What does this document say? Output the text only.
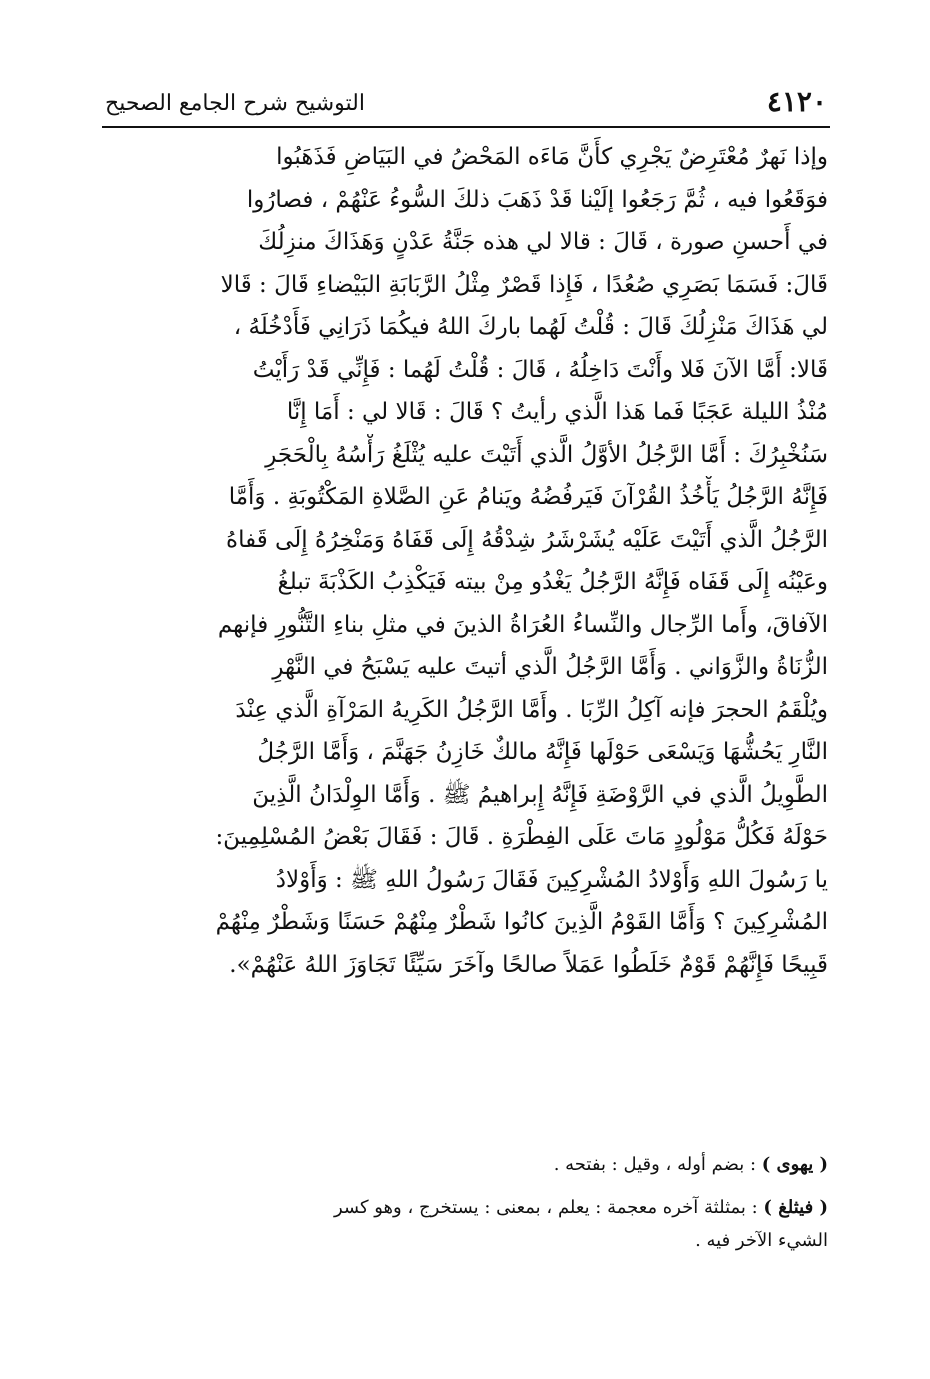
٤١٢٠
التوشيح شرح الجامع الصحيح
وإذا نَهرٌ مُعْتَرِضٌ يَجْرِي كأَنَّ مَاءَه المَحْضُ في البَيَاضِ فَذَهَبُوا
فوَقَعُوا فيه ، ثُمَّ رَجَعُوا إلَيْنا قَدْ ذَهَبَ ذلكَ السُّوءُ عَنْهُمْ ، فصارُوا
في أَحسنِ صورة ، قَالَ : قالا لي هذه جَنَّةُ عَدْنٍ وَهَذَاكَ منزِلُكَ
قَالَ: فَسَمَا بَصَرِي صُعُدًا ، فَإِذا قَصْرٌ مِثْلُ الرَّبَابَةِ البَيْضاءِ قَالَ : قَالا
لي هَذَاكَ مَنْزِلُكَ قَالَ : قُلْتُ لَهُما باركَ اللهُ فيكُمَا ذَرَانِي فَأَدْخُلَهُ ،
قَالا: أَمَّا الآنَ فَلا وأَنْتَ دَاخِلُهُ ، قَالَ : قُلْتُ لَهُما : فَإِنِّي قَدْ رَأَيْتُ
مُنْذُ الليلة عَجَبًا فَما هَذا الَّذي رأيتُ ؟ قَالَ : قَالا لي : أَمَا إِنَّا
سَنُخْبِرُكَ : أَمَّا الرَّجُلُ الأوَّلُ الَّذي أَتَيْتَ عليه يُثْلَغُ رَأْسُهُ بِالْحَجَرِ
فَإِنَّهُ الرَّجُلُ يَأْخُذُ القُرْآنَ فَيَرفُضُهُ ويَنامُ عَنِ الصَّلاةِ المَكْتُوبَةِ . وَأَمَّا
الرَّجُلُ الَّذي أَتَيْتَ عَلَيْه يُشَرْشَرُ شِدْقُهُ إِلَى قَفَاهُ وَمَنْخِرُهُ إِلَى قَفاهُ
وعَيْنُه إِلَى قَفَاه فَإِنَّهُ الرَّجُلُ يَغْدُو مِنْ بيته فَيَكْذِبُ الكَذْبَةَ تبلغُ
الآفاقَ، وأَما الرِّجال والنِّساءُ العُرَاةُ الذينَ في مثلِ بناءِ التَّنُّورِ فإنهم
الزُّنَاةُ والزَّوَاني . وَأَمَّا الرَّجُلُ الَّذي أتيتَ عليه يَسْبَحُ في النَّهْرِ
ويُلْقَمُ الحجرَ فإنه آكِلُ الرِّبَا . وأَمَّا الرَّجُلُ الكَرِيهُ المَرْآةِ الَّذي عِنْدَ
النَّارِ يَحُشُّهَا وَيَسْعَى حَوْلَها فَإِنَّهُ مالكٌ خَازِنُ جَهَنَّمَ ، وَأَمَّا الرَّجُلُ
الطَّوِيلُ الَّذي في الرَّوْضَةِ فَإِنَّهُ إِبراهيمُ ﷺ . وَأَمَّا الوِلْدَانُ الَّذِينَ
حَوْلَهُ فَكُلُّ مَوْلُودٍ مَاتَ عَلَى الفِطْرَةِ . قَالَ : فَقَالَ بَعْضُ المُسْلِمِينَ:
يا رَسُولَ اللهِ وَأَوْلادُ المُشْرِكِينَ فَقَالَ رَسُولُ اللهِ ﷺ : وَأَوْلادُ
المُشْرِكِينَ ؟ وَأَمَّا القَوْمُ الَّذِينَ كانُوا شَطْرٌ مِنْهُمْ حَسَنًا وَشَطْرٌ مِنْهُمْ
قَبِيحًا فَإِنَّهُمْ قَوْمٌ خَلَطُوا عَمَلاً صالحًا وآخَرَ سَيِّئًا تَجَاوَزَ اللهُ عَنْهُمْ».
( يهوى ) : بضم أوله ، وقيل : بفتحه .
( فيثلغ ) : بمثلثة آخره معجمة : يعلم ، بمعنى : يستخرج ، وهو كسر
الشيء الآخر فيه .
